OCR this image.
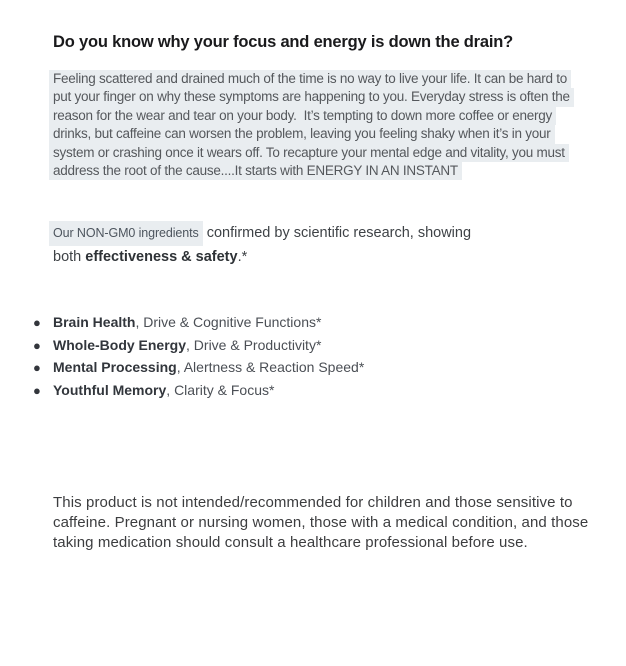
Do you know why your focus and energy is down the drain?
Feeling scattered and drained much of the time is no way to live your life. It can be hard to
put your finger on why these symptoms are happening to you. Everyday stress is often the
reason for the wear and tear on your body.  It’s tempting to down more coffee or energy
drinks, but caffeine can worsen the problem, leaving you feeling shaky when it’s in your
system or crashing once it wears off. To recapture your mental edge and vitality, you must
address the root of the cause....It starts with ENERGY IN AN INSTANT
Our NON-GM0 ingredients confirmed by scientific research, showing
both effectiveness & safety.*
● Brain Health , Drive & Cognitive Functions*
● Whole-Body Energy , Drive & Productivity*
● Mental Processing , Alertness & Reaction Speed*
● Youthful Memory , Clarity & Focus*
This product is not intended/recommended for children and those sensitive to
caffeine. Pregnant or nursing women, those with a medical condition, and those
taking medication should consult a healthcare professional before use.
